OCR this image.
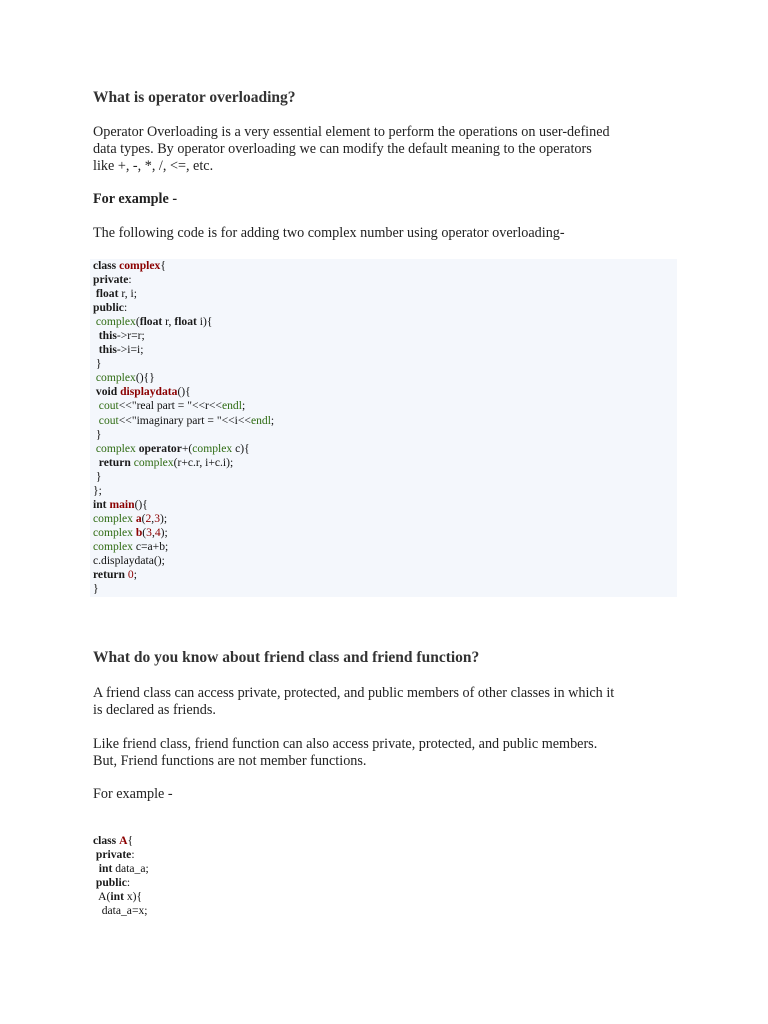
What is operator overloading?

Operator Overloading is a very essential element to perform the operations on user-defined

data types. By operator overloading we can modify the default meaning to the operators

like +, -, *, /, <=, etc.

For example -

The following code is for adding two complex number using operator overloading-

class complex{
private:
float r, i;
public:
complex(float r, float i){
this->r=r;
this->i=i;
}
complex(){}
void displaydata(){
cout<<"real part = "<<r<<endl;
cout<<"imaginary part = "<<i<<endl;
}
complex operator+(complex c){
return complex(r+c.r, i+c.i);
}
};
int main(){
complex a(2,3);
complex b(3,4);
complex c=a+b;
c.displaydata();
return 0;
}
What do you know about friend class and friend function?

A friend class can access private, protected, and public members of other classes in which it

is declared as friends.

Like friend class, friend function can also access private, protected, and public members.

But, Friend functions are not member functions.

For example -

class A{
private:
int data_a;
public:
A(int x){
data_a=x;
